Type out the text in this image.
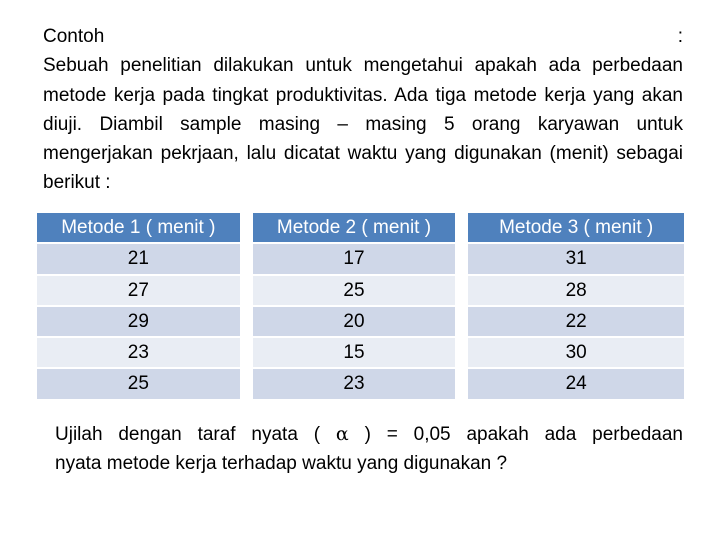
Contoh	:
Sebuah penelitian dilakukan untuk mengetahui apakah ada perbedaan metode kerja pada tingkat produktivitas. Ada tiga metode kerja yang akan diuji. Diambil sample masing – masing 5 orang karyawan untuk mengerjakan pekrjaan, lalu dicatat waktu yang digunakan (menit) sebagai berikut :
Metode 1 ( menit )	Metode 2 ( menit )	Metode 3 ( menit )
21	17	31
27	25	28
29	20	22
23	15	30
25	23	24
Ujilah dengan taraf nyata ( α ) = 0,05 apakah ada perbedaan
nyata metode kerja terhadap waktu yang digunakan ?
